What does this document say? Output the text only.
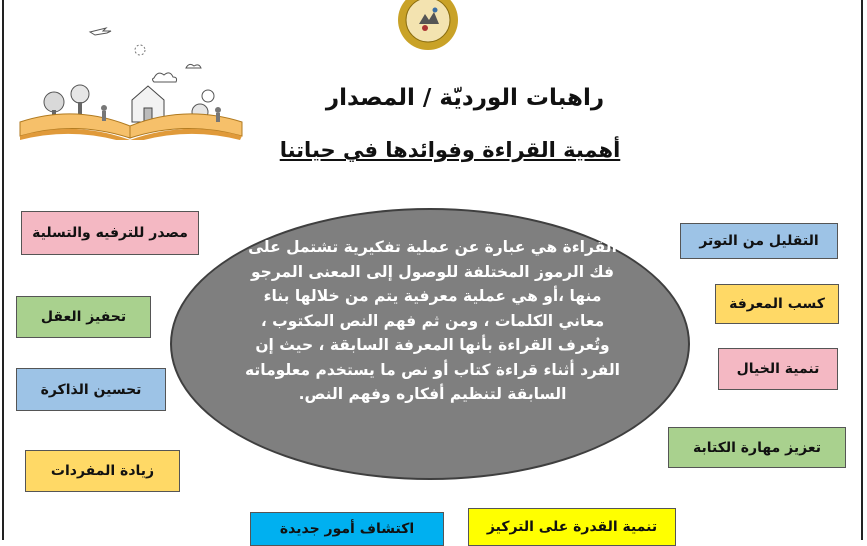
راهبات الورديّة / المصدار
أهمية القراءة وفوائدها في حياتنا
القراءة هي عبارة عن عملية تفكيرية تشتمل على فك الرموز المختلفة للوصول إلى المعنى المرجو منها ،أو هي عملية معرفية يتم من خلالها بناء معاني الكلمات ، ومن ثم فهم النص المكتوب ، وتُعرف القراءة بأنها المعرفة السابقة ، حيث إن الفرد أثناء قراءة كتاب أو نص ما يستخدم معلوماته السابقة لتنظيم أفكاره وفهم النص.
مصدر للترفيه والتسلية
تحفيز العقل
تحسين الذاكرة
زيادة المفردات
اكتشاف أمور جديدة	تنمية القدرة على التركيز
التقليل من التوتر
كسب المعرفة
تنمية الخيال
تعزيز مهارة الكتابة
